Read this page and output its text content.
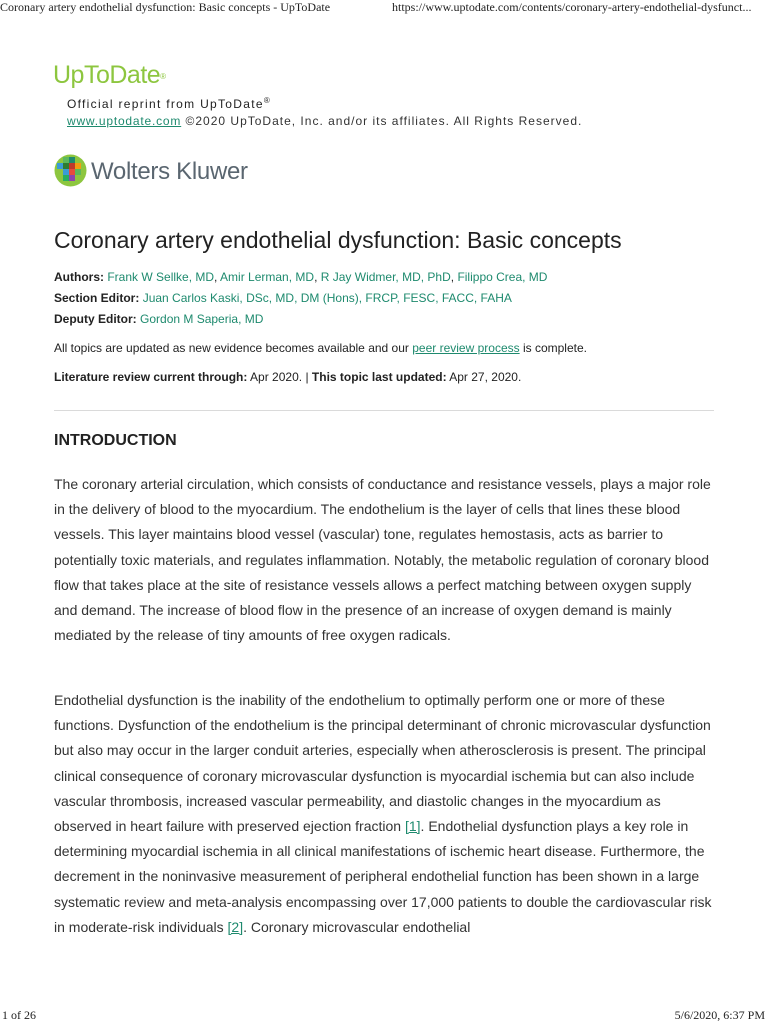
Coronary artery endothelial dysfunction: Basic concepts - UpToDate	https://www.uptodate.com/contents/coronary-artery-endothelial-dysfunct...
UpToDate®
Official reprint from UpToDate®
www.uptodate.com ©2020 UpToDate, Inc. and/or its affiliates. All Rights Reserved.
Wolters Kluwer
Coronary artery endothelial dysfunction: Basic concepts
Authors: Frank W Sellke, MD, Amir Lerman, MD, R Jay Widmer, MD, PhD, Filippo Crea, MD
Section Editor: Juan Carlos Kaski, DSc, MD, DM (Hons), FRCP, FESC, FACC, FAHA
Deputy Editor: Gordon M Saperia, MD
All topics are updated as new evidence becomes available and our peer review process is complete.
Literature review current through: Apr 2020. | This topic last updated: Apr 27, 2020.
INTRODUCTION
The coronary arterial circulation, which consists of conductance and resistance vessels, plays a major role in the delivery of blood to the myocardium. The endothelium is the layer of cells that lines these blood vessels. This layer maintains blood vessel (vascular) tone, regulates hemostasis, acts as barrier to potentially toxic materials, and regulates inflammation. Notably, the metabolic regulation of coronary blood flow that takes place at the site of resistance vessels allows a perfect matching between oxygen supply and demand. The increase of blood flow in the presence of an increase of oxygen demand is mainly mediated by the release of tiny amounts of free oxygen radicals.
Endothelial dysfunction is the inability of the endothelium to optimally perform one or more of these functions. Dysfunction of the endothelium is the principal determinant of chronic microvascular dysfunction but also may occur in the larger conduit arteries, especially when atherosclerosis is present. The principal clinical consequence of coronary microvascular dysfunction is myocardial ischemia but can also include vascular thrombosis, increased vascular permeability, and diastolic changes in the myocardium as observed in heart failure with preserved ejection fraction [1]. Endothelial dysfunction plays a key role in determining myocardial ischemia in all clinical manifestations of ischemic heart disease. Furthermore, the decrement in the noninvasive measurement of peripheral endothelial function has been shown in a large systematic review and meta-analysis encompassing over 17,000 patients to double the cardiovascular risk in moderate-risk individuals [2]. Coronary microvascular endothelial
1 of 26	5/6/2020, 6:37 PM
